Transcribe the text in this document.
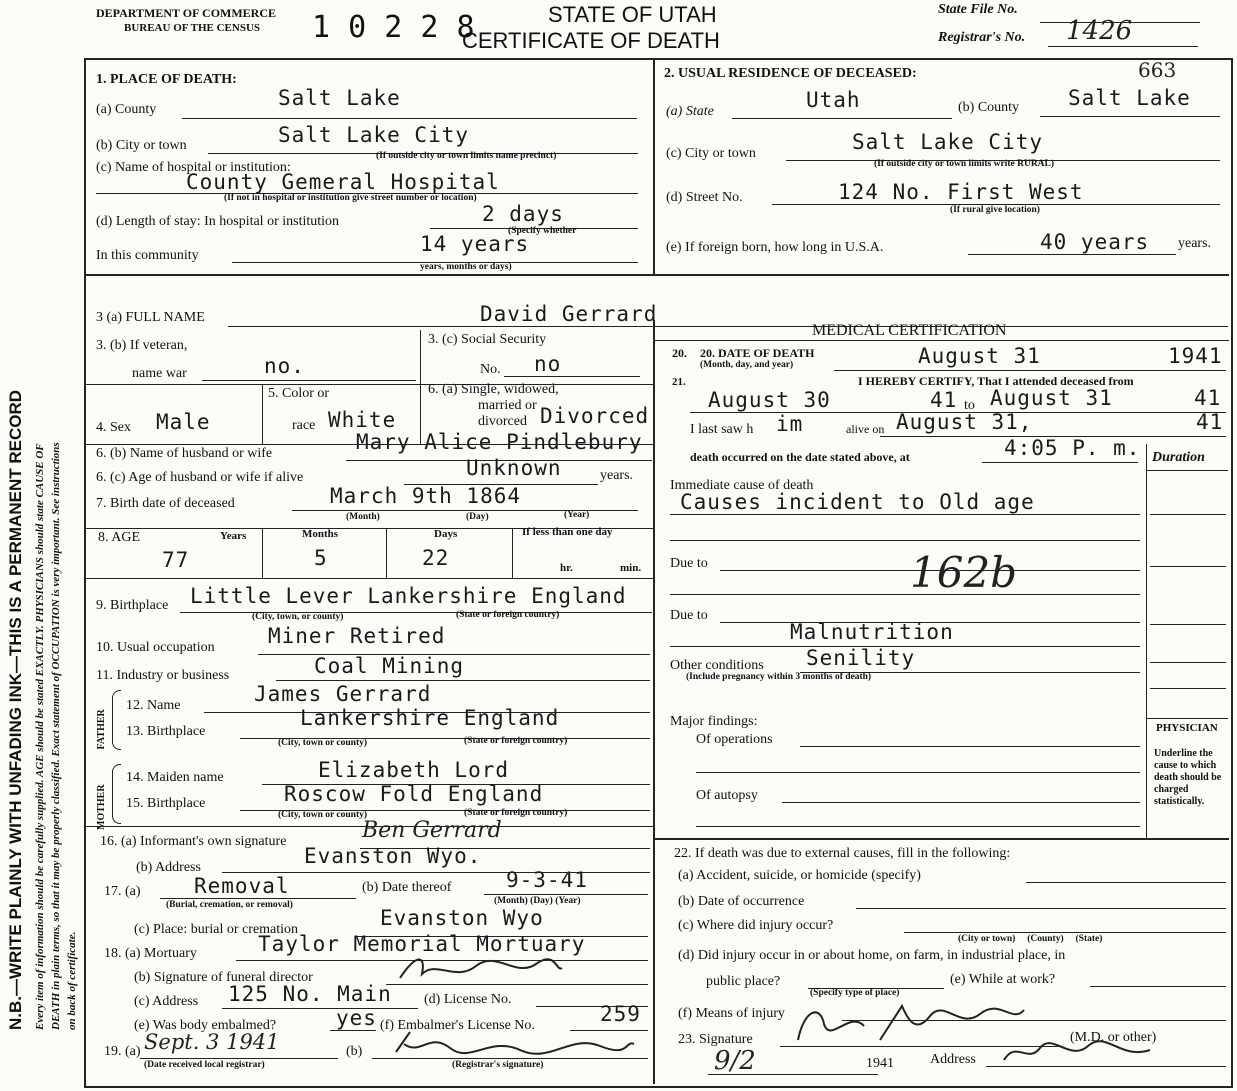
N.B.—WRITE PLAINLY WITH UNFADING INK—THIS IS A PERMANENT RECORD Every item of information should be carefully supplied. AGE should be stated EXACTLY. PHYSICIANS should state CAUSE OF DEATH in plain terms, so that it may be properly classified. Exact statement of OCCUPATION is very important. See instructions on back of certificate.
DEPARTMENT OF COMMERCE
BUREAU OF THE CENSUS 1 0 2 2 8	STATE OF UTAH
CERTIFICATE OF DEATH
State File No.
Registrar's No. 1426
1. PLACE OF DEATH:
(a) County	Salt Lake
(b) City or town	Salt Lake City
(c) Name of hospital or institution:
(If outside city or town limits name precinct)
County Gemeral Hospital
(If not in hospital or institution give street number or location)
(d) Length of stay: In hospital or institution	2 days
(Specify whether
In this community	14 years
years, months or days)
2. USUAL RESIDENCE OF DECEASED:	663
(a) State	Utah	(b) County Salt Lake
(c) City or town	Salt Lake City
(If outside city or town limits write RURAL)
(d) Street No.	124 No. First West
(If rural give location)
(e) If foreign born, how long in U.S.A.	40 years years.
3 (a) FULL NAME	David Gerrard
3. (b) If veteran,
name war	no.
3. (c) Social Security
No. no
4. Sex Male
5. Color or
race White
6. (a) Single, widowed,
married or
divorced Divorced
6. (b) Name of husband or wife	Mary Alice Pindlebury
6. (c) Age of husband or wife if alive	Unknown	years.
7. Birth date of deceased	March 9th 1864
(Month)	(Day)	(Year)
8. AGE	Years	Months	Days	If less than one day
77	5	22	hr.	min.
9. Birthplace Little Lever Lankershire England
(City, town, or county)	(State or foreign country)
10. Usual occupation	Miner Retired
11. Industry or business	Coal Mining
MOTHER  FATHER
12. Name	James Gerrard
13. Birthplace
Lankershire England
(City, town or county)	(State or foreign country)
14. Maiden name	Elizabeth Lord
15. Birthplace	Roscow Fold England
(City, town or county)	(State or foreign country)
16. (a) Informant's own signature	Ben Gerrard
(b) Address	Evanston Wyo.
17. (a)	Removal
(Burial, cremation, or removal)
(b) Date thereof	9-3-41
(Month) (Day) (Year)
(c) Place: burial or cremation	Evanston Wyo
18. (a) Mortuary	Taylor Memorial Mortuary
(b) Signature of funeral director
(c) Address 125 No. Main (d) License No.
(e) Was body embalmed?	yes (f) Embalmer's License No.	259
19. (a) Sept. 3 1941
(Date received local registrar)
(b)
(Registrar's signature)
MEDICAL CERTIFICATION
20. DATE OF DEATH
(Month, day, and year)
20.	August 31	1941
21.	I HEREBY CERTIFY, That I attended deceased from
August 30	41 to August 31	41
I last saw h im	alive on August 31,	41
death occurred on the date stated above, at	4:05 P. m. Duration
Immediate cause of death
Causes incident to Old age
Due to	162b
Due to
Malnutrition
Other conditions Senility
(Include pregnancy within 3 months of death)
Major findings:
Of operations
Of autopsy
PHYSICIAN
Underline the cause to which death should be charged statistically.
22. If death was due to external causes, fill in the following:
(a) Accident, suicide, or homicide (specify)
(b) Date of occurrence
(c) Where did injury occur?
(City or town)     (County)     (State)
(d) Did injury occur in or about home, on farm, in industrial place, in
public place?
(Specify type of place)
(e) While at work?
(f) Means of injury
23. Signature	(M.D. or other)
9/2	1941	Address
